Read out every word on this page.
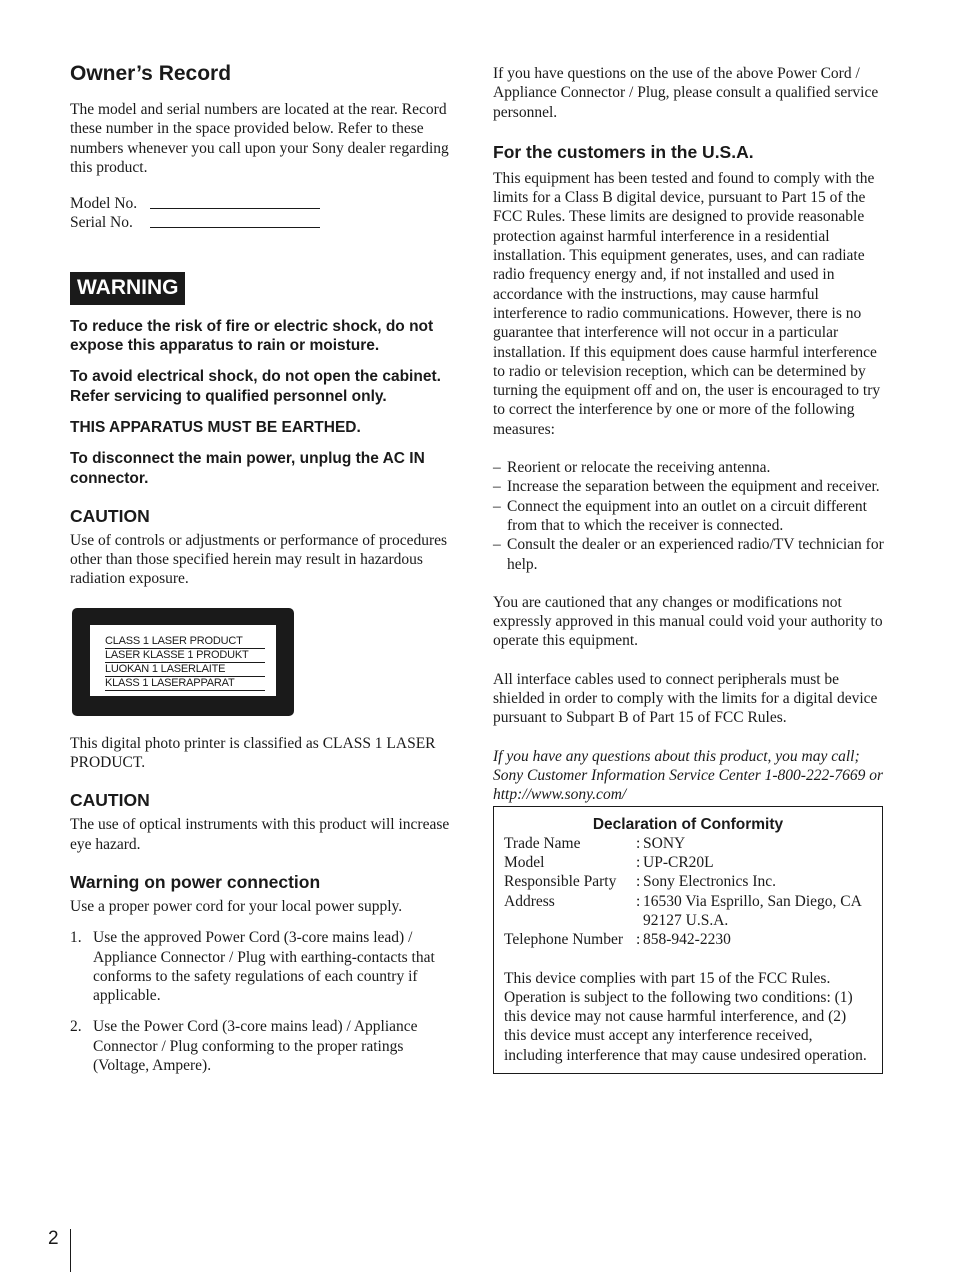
Owner’s Record

The model and serial numbers are located at the rear. Record these number in the space provided below. Refer to these numbers whenever you call upon your Sony dealer regarding this product.

Model No.
Serial No.
WARNING

To reduce the risk of fire or electric shock, do not expose this apparatus to rain or moisture.

To avoid electrical shock, do not open the cabinet. Refer servicing to qualified personnel only.

THIS APPARATUS MUST BE EARTHED.

To disconnect the main power, unplug the AC IN connector.

CAUTION

Use of controls or adjustments or performance of procedures other than those specified herein may result in hazardous radiation exposure.

CLASS 1 LASER PRODUCT
LASER KLASSE 1 PRODUKT
LUOKAN 1 LASERLAITE
KLASS 1 LASERAPPARAT

This digital photo printer is classified as CLASS 1 LASER PRODUCT.

CAUTION

The use of optical instruments with this product will increase eye hazard.

Warning on power connection

Use a proper power cord for your local power supply.

1. Use the approved Power Cord (3-core mains lead) / Appliance Connector / Plug with earthing-contacts that conforms to the safety regulations of each country if applicable.
2. Use the Power Cord (3-core mains lead) / Appliance Connector / Plug conforming to the proper ratings (Voltage, Ampere).

If you have questions on the use of the above Power Cord / Appliance Connector / Plug, please consult a qualified service personnel.

For the customers in the U.S.A.

This equipment has been tested and found to comply with the limits for a Class B digital device, pursuant to Part 15 of the FCC Rules. These limits are designed to provide reasonable protection against harmful interference in a residential installation. This equipment generates, uses, and can radiate radio frequency energy and, if not installed and used in accordance with the instructions, may cause harmful interference to radio communications. However, there is no guarantee that interference will not occur in a particular installation. If this equipment does cause harmful interference to radio or television reception, which can be determined by turning the equipment off and on, the user is encouraged to try to correct the interference by one or more of the following measures:

– Reorient or relocate the receiving antenna.
– Increase the separation between the equipment and receiver.
– Connect the equipment into an outlet on a circuit different from that to which the receiver is connected.
– Consult the dealer or an experienced radio/TV technician for help.

You are cautioned that any changes or modifications not expressly approved in this manual could void your authority to operate this equipment.

All interface cables used to connect peripherals must be shielded in order to comply with the limits for a digital device pursuant to Subpart B of Part 15 of FCC Rules.

If you have any questions about this product, you may call; Sony Customer Information Service Center 1-800-222-7669 or http://www.sony.com/

Declaration of Conformity
Trade Name	: SONY
Model	: UP-CR20L
Responsible Party	: Sony Electronics Inc.
Address	: 16530 Via Esprillo, San Diego, CA 92127 U.S.A.
Telephone Number : 858-942-2230

This device complies with part 15 of the FCC Rules. Operation is subject to the following two conditions: (1) this device may not cause harmful interference, and (2) this device must accept any interference received, including interference that may cause undesired operation.

2
